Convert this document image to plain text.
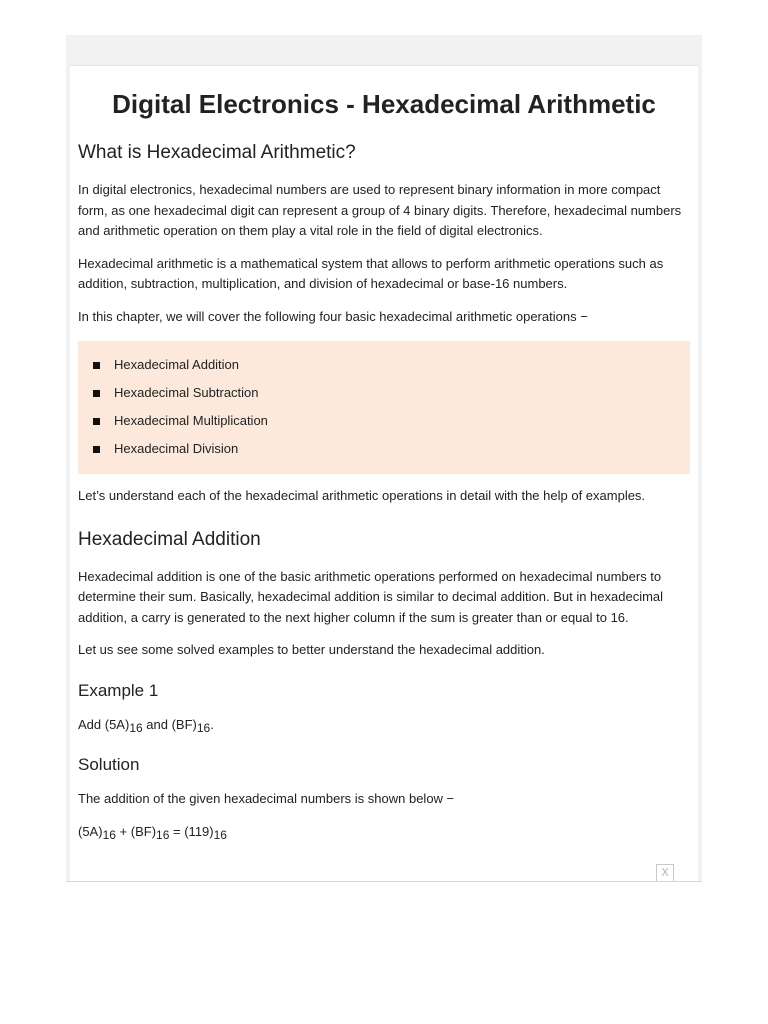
Digital Electronics - Hexadecimal Arithmetic
What is Hexadecimal Arithmetic?

In digital electronics, hexadecimal numbers are used to represent binary information in more compact form, as one hexadecimal digit can represent a group of 4 binary digits. Therefore, hexadecimal numbers and arithmetic operation on them play a vital role in the field of digital electronics.

Hexadecimal arithmetic is a mathematical system that allows to perform arithmetic operations such as addition, subtraction, multiplication, and division of hexadecimal or base-16 numbers.

In this chapter, we will cover the following four basic hexadecimal arithmetic operations −

Hexadecimal Addition
Hexadecimal Subtraction
Hexadecimal Multiplication
Hexadecimal Division

Let’s understand each of the hexadecimal arithmetic operations in detail with the help of examples.

Hexadecimal Addition

Hexadecimal addition is one of the basic arithmetic operations performed on hexadecimal numbers to determine their sum. Basically, hexadecimal addition is similar to decimal addition. But in hexadecimal addition, a carry is generated to the next higher column if the sum is greater than or equal to 16.

Let us see some solved examples to better understand the hexadecimal addition.

Example 1

Add $(5A)_{16}$ and $(BF)_{16}$.

Solution

The addition of the given hexadecimal numbers is shown below −

$(5A)_{16} + (BF)_{16} = (119)_{16}$

X
